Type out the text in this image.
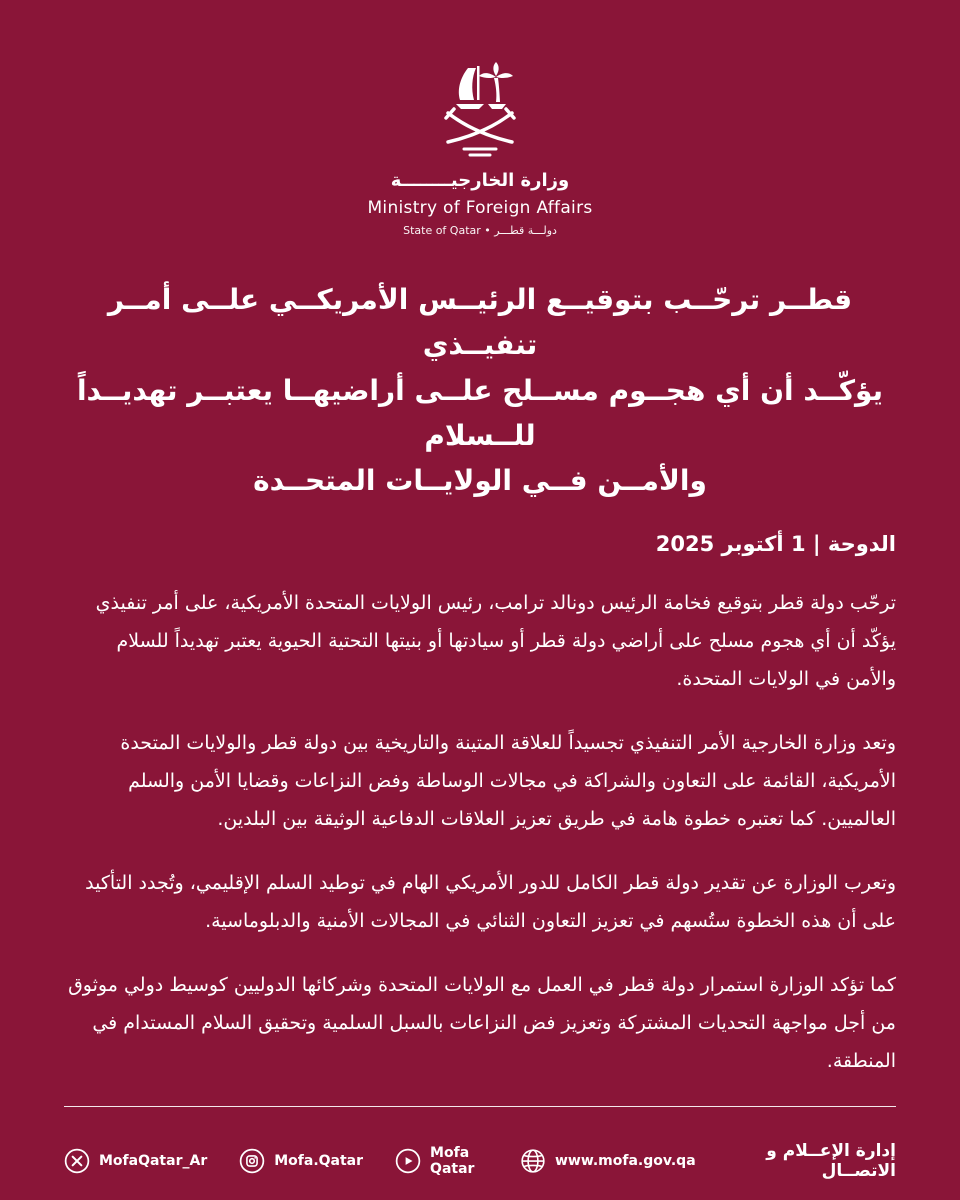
وزارة الخارجيــــــــة
Ministry of Foreign Affairs
دولـــة قطـــر • State of Qatar
قطــر ترحّــب بتوقيــع الرئيــس الأمريكــي علــى أمــر تنفيــذي
يؤكّــد أن أي هجــوم مســلح علــى أراضيهــا يعتبــر تهديــداً للــسلام
والأمــن فــي الولايــات المتحــدة
الدوحة | 1 أكتوبر 2025

ترحّب دولة قطر بتوقيع فخامة الرئيس دونالد ترامب، رئيس الولايات المتحدة الأمريكية، على أمر تنفيذي يؤكّد أن أي هجوم مسلح على أراضي دولة قطر أو سيادتها أو بنيتها التحتية الحيوية يعتبر تهديداً للسلام والأمن في الولايات المتحدة.

وتعد وزارة الخارجية الأمر التنفيذي تجسيداً للعلاقة المتينة والتاريخية بين دولة قطر والولايات المتحدة الأمريكية، القائمة على التعاون والشراكة في مجالات الوساطة وفض النزاعات وقضايا الأمن والسلم العالميين. كما تعتبره خطوة هامة في طريق تعزيز العلاقات الدفاعية الوثيقة بين البلدين.

وتعرب الوزارة عن تقدير دولة قطر الكامل للدور الأمريكي الهام في توطيد السلم الإقليمي، وتُجدد التأكيد على أن هذه الخطوة ستُسهم في تعزيز التعاون الثنائي في المجالات الأمنية والدبلوماسية.

كما تؤكد الوزارة استمرار دولة قطر في العمل مع الولايات المتحدة وشركائها الدوليين كوسيط دولي موثوق من أجل مواجهة التحديات المشتركة وتعزيز فض النزاعات بالسبل السلمية وتحقيق السلام المستدام في المنطقة.

MofaQatar_Ar	Mofa.Qatar	Mofa Qatar	www.mofa.gov.qa	إدارة الإعــلام و الاتصــال
